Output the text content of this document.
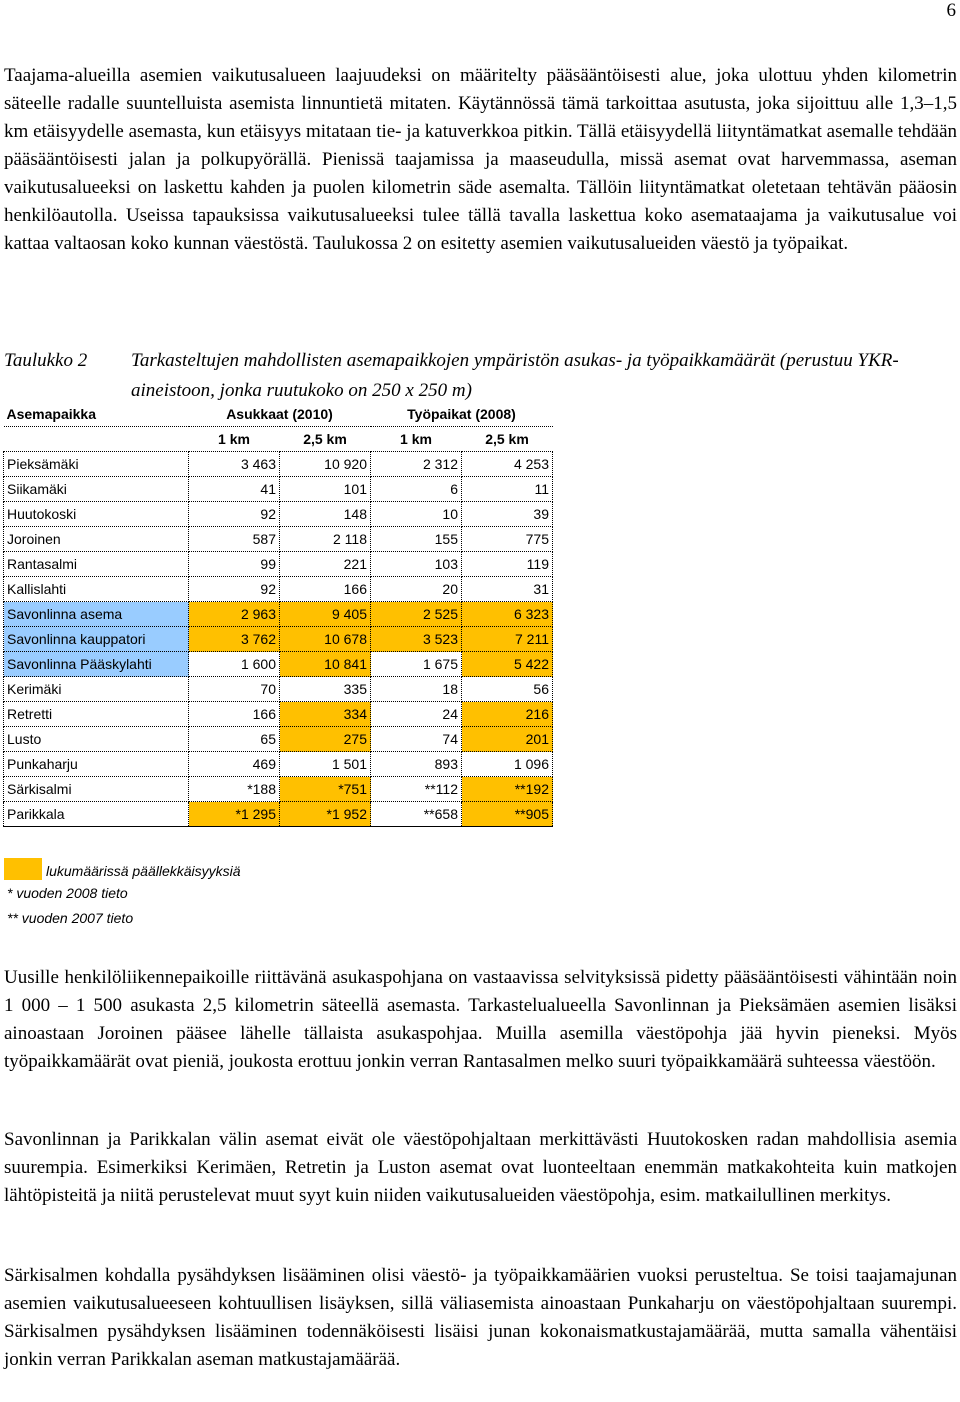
6

Taajama-alueilla asemien vaikutusalueen laajuudeksi on määritelty pääsääntöisesti alue, joka ulottuu yhden kilometrin säteelle radalle suuntelluista asemista linnuntietä mitaten. Käytännössä tämä tarkoittaa asutusta, joka sijoittuu alle 1,3–1,5 km etäisyydelle asemasta, kun etäisyys mitataan tie- ja katuverkkoa pitkin. Tällä etäisyydellä liityntämatkat asemalle tehdään pääsääntöisesti jalan ja polkupyörällä. Pienissä taajamissa ja maaseudulla, missä asemat ovat harvemmassa, aseman vaikutusalueeksi on laskettu kahden ja puolen kilometrin säde asemalta. Tällöin liityntämatkat oletetaan tehtävän pääosin henkilöautolla. Useissa tapauksissa vaikutusalueeksi tulee tällä tavalla laskettua koko asemataajama ja vaikutusalue voi kattaa valtaosan koko kunnan väestöstä. Taulukossa 2 on esitetty asemien vaikutusalueiden väestö ja työpaikat.

Taulukko 2 Tarkasteltujen mahdollisten asemapaikkojen ympäristön asukas- ja työpaikkamäärät (perustuu YKR-aineistoon, jonka ruutukoko on 250 x 250 m)
Asemapaikka	Asukkaat (2010)		Työpaikat (2008)	
	1 km	2,5 km	1 km	2,5 km
Pieksämäki	3 463	10 920	2 312	4 253
Siikamäki	41	101	6	11
Huutokoski	92	148	10	39
Joroinen	587	2 118	155	775
Rantasalmi	99	221	103	119
Kallislahti	92	166	20	31
Savonlinna asema	2 963	9 405	2 525	6 323
Savonlinna kauppatori	3 762	10 678	3 523	7 211
Savonlinna Pääskylahti	1 600	10 841	1 675	5 422
Kerimäki	70	335	18	56
Retretti	166	334	24	216
Lusto	65	275	74	201
Punkaharju	469	1 501	893	1 096
Särkisalmi	*188	*751	**112	**192
Parikkala	*1 295	*1 952	**658	**905
lukumäärissä päällekkäisyyksiä
* vuoden 2008 tieto
** vuoden 2007 tieto

Uusille henkilöliikennepaikoille riittävänä asukaspohjana on vastaavissa selvityksissä pidetty pääsääntöisesti vähintään noin 1 000 – 1 500 asukasta 2,5 kilometrin säteellä asemasta. Tarkastelualueella Savonlinnan ja Pieksämäen asemien lisäksi ainoastaan Joroinen pääsee lähelle tällaista asukaspohjaa. Muilla asemilla väestöpohja jää hyvin pieneksi. Myös työpaikkamäärät ovat pieniä, joukosta erottuu jonkin verran Rantasalmen melko suuri työpaikkamäärä suhteessa väestöön.

Savonlinnan ja Parikkalan välin asemat eivät ole väestöpohjaltaan merkittävästi Huutokosken radan mahdollisia asemia suurempia. Esimerkiksi Kerimäen, Retretin ja Luston asemat ovat luonteeltaan enemmän matkakohteita kuin matkojen lähtöpisteitä ja niitä perustelevat muut syyt kuin niiden vaikutusalueiden väestöpohja, esim. matkailullinen merkitys.

Särkisalmen kohdalla pysähdyksen lisääminen olisi väestö- ja työpaikkamäärien vuoksi perusteltua. Se toisi taajamajunan asemien vaikutusalueeseen kohtuullisen lisäyksen, sillä väliasemista ainoastaan Punkaharju on väestöpohjaltaan suurempi. Särkisalmen pysähdyksen lisääminen todennäköisesti lisäisi junan kokonaismatkustajamäärää, mutta samalla vähentäisi jonkin verran Parikkalan aseman matkustajamäärää.
